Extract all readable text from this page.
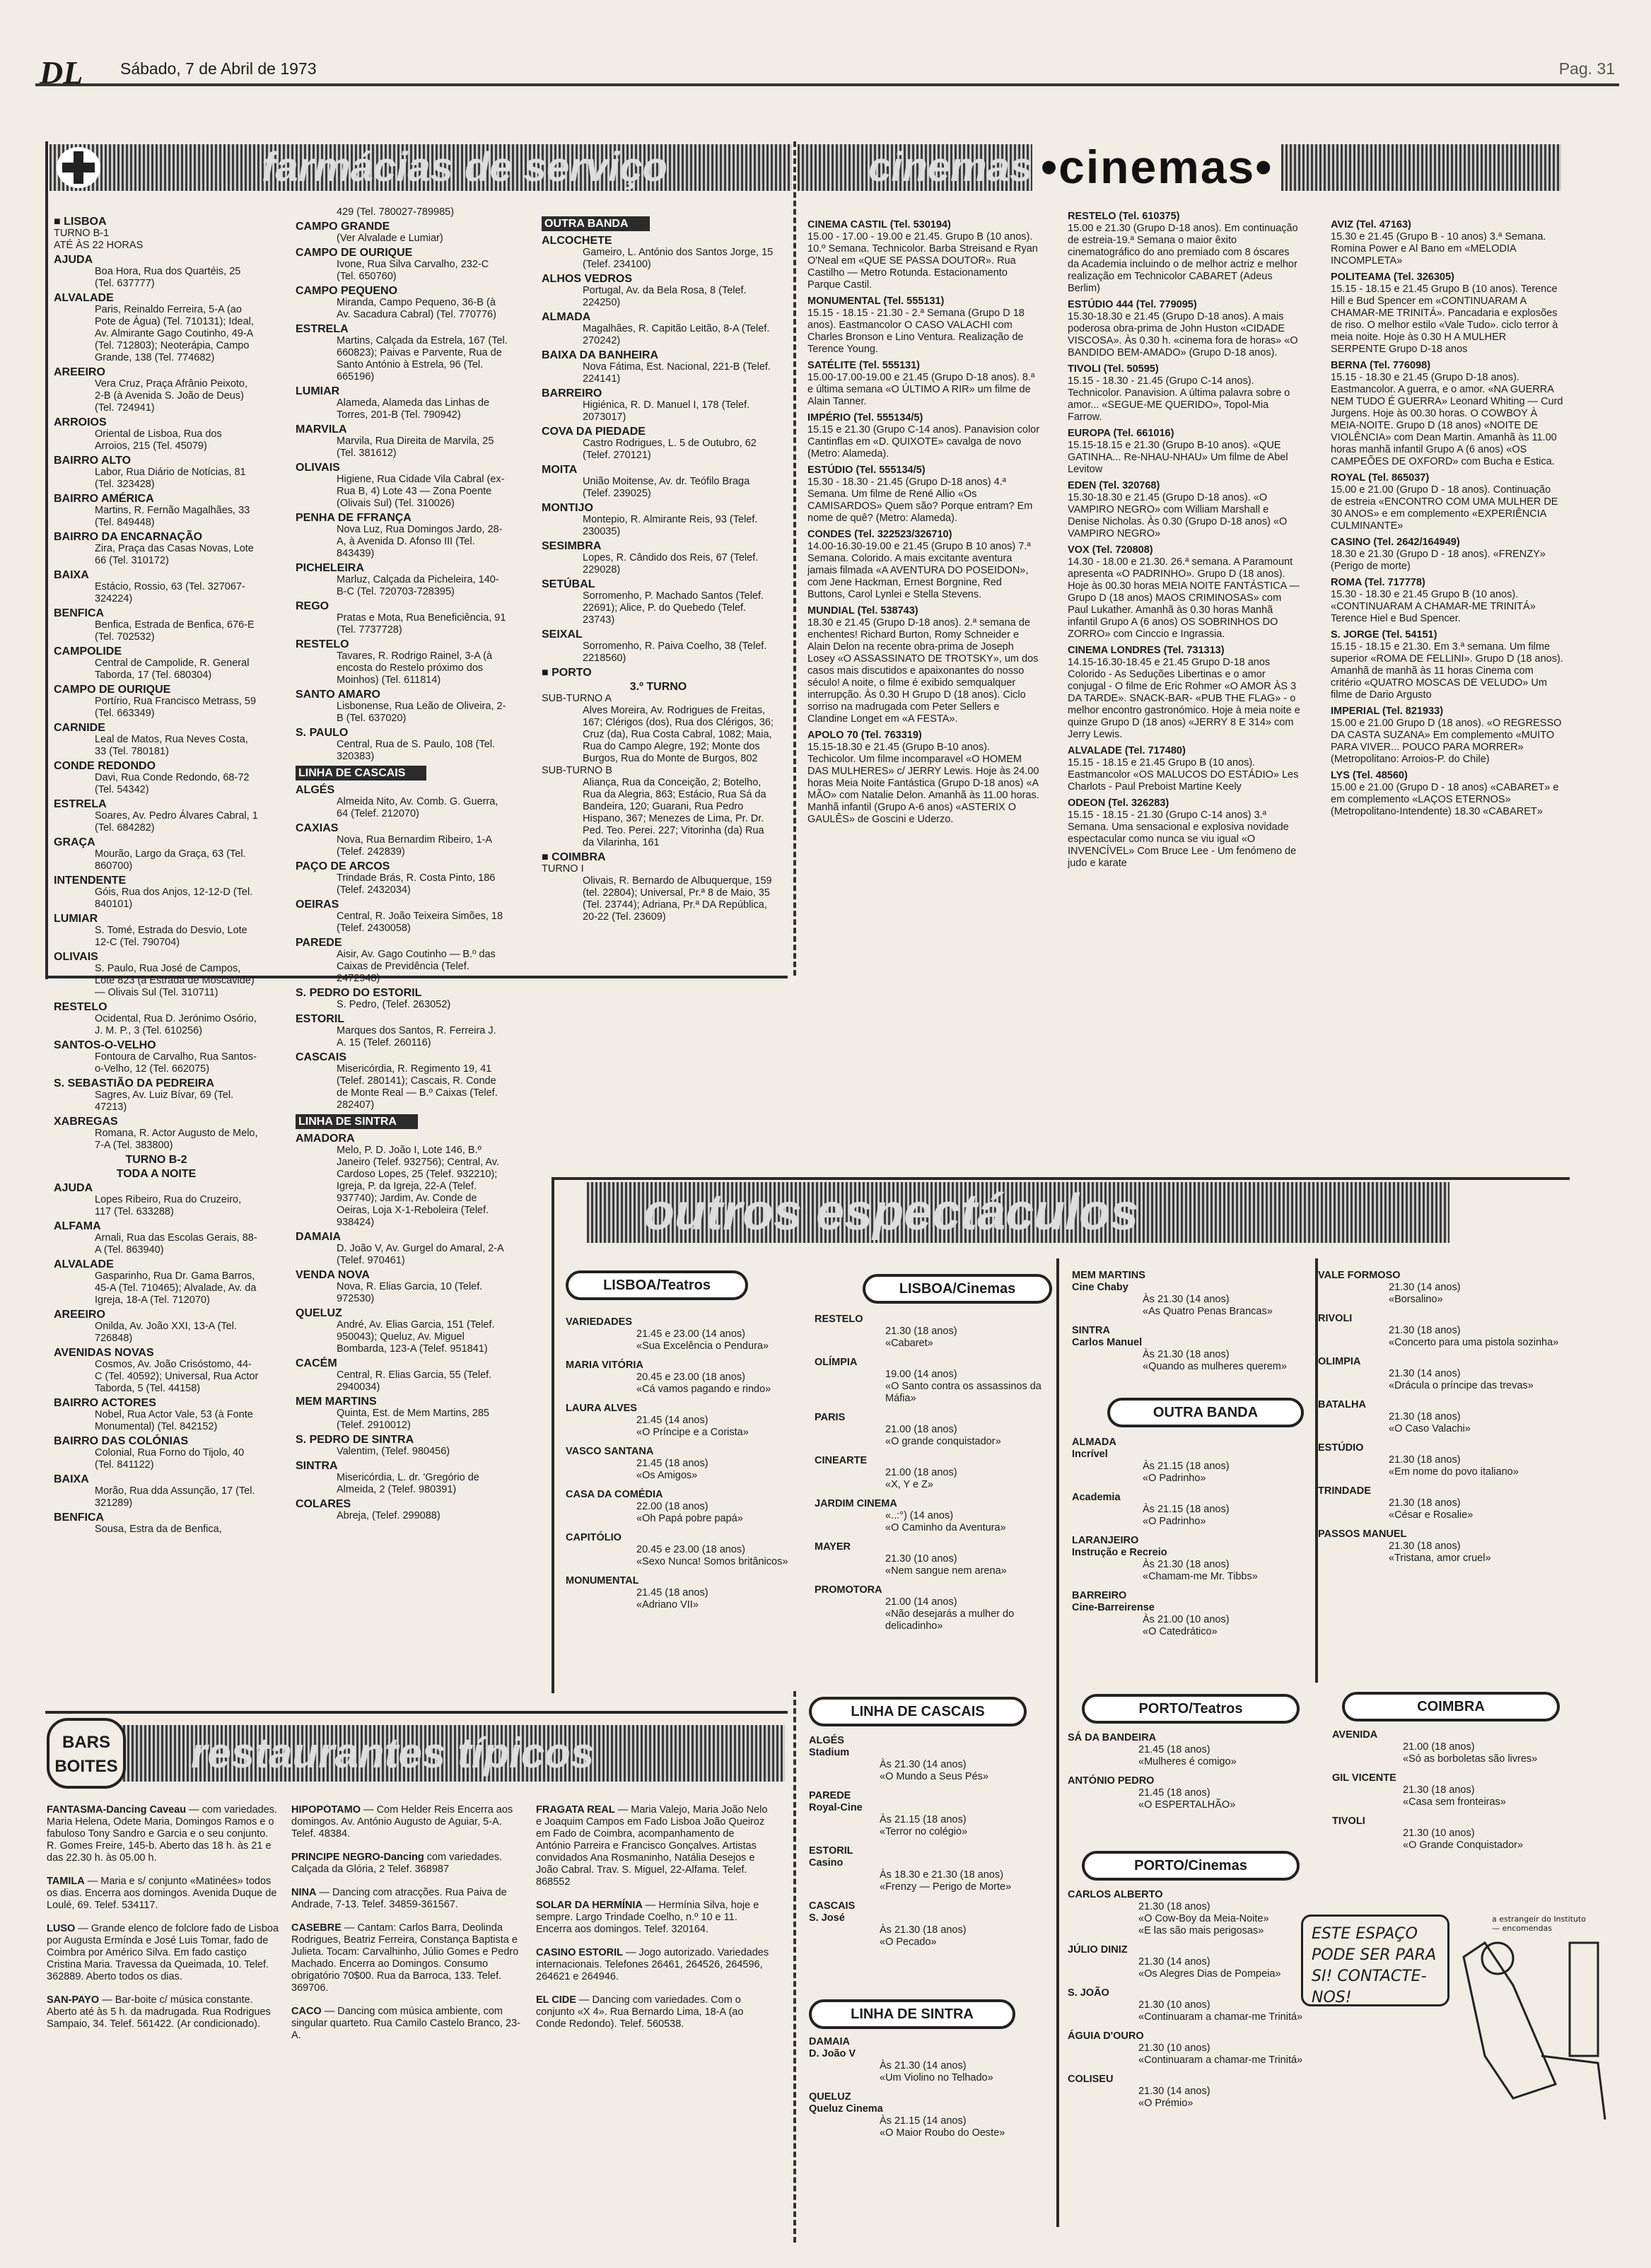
DL Sábado, 7 de Abril de 1973	Pag. 31
farmácias de serviço	cinemas •cinemas•
■ LISBOA
TURNO B-1
ATÉ ÀS 22 HORAS
AJUDA
Boa Hora, Rua dos Quartéis, 25 (Tel. 637777)
ALVALADE
Paris, Reinaldo Ferreira, 5-A (ao Pote de Água) (Tel. 710131); Ideal, Av. Almirante Gago Coutinho, 49-A (Tel. 712803); Neoterápia, Campo Grande, 138 (Tel. 774682)
AREEIRO
Vera Cruz, Praça Afrânio Peixoto, 2-B (à Avenida S. João de Deus) (Tel. 724941)
ARROIOS
Oriental de Lisboa, Rua dos Arroios, 215 (Tel. 45079)
BAIRRO ALTO
Labor, Rua Diário de Notícias, 81 (Tel. 323428)
BAIRRO AMÉRICA
Martins, R. Fernão Magalhães, 33 (Tel. 849448)
BAIRRO DA ENCARNAÇÃO
Zira, Praça das Casas Novas, Lote 66 (Tel. 310172)
BAIXA
Estácio, Rossio, 63 (Tel. 327067-324224)
BENFICA
Benfica, Estrada de Benfica, 676-E (Tel. 702532)
CAMPOLIDE
Central de Campolide, R. General Taborda, 17 (Tel. 680304)
CAMPO DE OURIQUE
Portírio, Rua Francisco Metrass, 59 (Tel. 663349)
CARNIDE
Leal de Matos, Rua Neves Costa, 33 (Tel. 780181)
CONDE REDONDO
Davi, Rua Conde Redondo, 68-72 (Tel. 54342)
ESTRELA
Soares, Av. Pedro Álvares Cabral, 1 (Tel. 684282)
GRAÇA
Mourão, Largo da Graça, 63 (Tel. 860700)
INTENDENTE
Góis, Rua dos Anjos, 12-12-D (Tel. 840101)
LUMIAR
S. Tomé, Estrada do Desvio, Lote 12-C (Tel. 790704)
OLIVAIS
S. Paulo, Rua José de Campos, Lote 823 (à Estrada de Moscavide) — Olivais Sul (Tel. 310711)
RESTELO
Ocidental, Rua D. Jerónimo Osório, J. M. P., 3 (Tel. 610256)
SANTOS-O-VELHO
Fontoura de Carvalho, Rua Santos-o-Velho, 12 (Tel. 662075)
S. SEBASTIÃO DA PEDREIRA
Sagres, Av. Luiz Bívar, 69 (Tel. 47213)
XABREGAS
Romana, R. Actor Augusto de Melo, 7-A (Tel. 383800)
TURNO B-2
TODA A NOITE
AJUDA
Lopes Ribeiro, Rua do Cruzeiro, 117 (Tel. 633288)
ALFAMA
Arnali, Rua das Escolas Gerais, 88-A (Tel. 863940)
ALVALADE
Gasparinho, Rua Dr. Gama Barros, 45-A (Tel. 710465); Alvalade, Av. da Igreja, 18-A (Tel. 712070)
AREEIRO
Onilda, Av. João XXI, 13-A (Tel. 726848)
AVENIDAS NOVAS
Cosmos, Av. João Crisóstomo, 44-C (Tel. 40592); Universal, Rua Actor Taborda, 5 (Tel. 44158)
BAIRRO ACTORES
Nobel, Rua Actor Vale, 53 (à Fonte Monumental) (Tel. 842152)
BAIRRO DAS COLÓNIAS
Colonial, Rua Forno do Tijolo, 40 (Tel. 841122)
BAIXA
Morão, Rua dda Assunção, 17 (Tel. 321289)
BENFICA
Sousa, Estra da de Benfica,
429 (Tel. 780027-789985)
CAMPO GRANDE
(Ver Alvalade e Lumiar)
CAMPO DE OURIQUE
Ivone, Rua Silva Carvalho, 232-C (Tel. 650760)
CAMPO PEQUENO
Miranda, Campo Pequeno, 36-B (à Av. Sacadura Cabral) (Tel. 770776)
ESTRELA
Martins, Calçada da Estrela, 167 (Tel. 660823); Paivas e Parvente, Rua de Santo António à Estrela, 96 (Tel. 665196)
LUMIAR
Alameda, Alameda das Linhas de Torres, 201-B (Tel. 790942)
MARVILA
Marvila, Rua Direita de Marvila, 25 (Tel. 381612)
OLIVAIS
Higiene, Rua Cidade Vila Cabral (ex-Rua B, 4) Lote 43 — Zona Poente (Olivais Sul) (Tel. 310026)
PENHA DE FFRANÇA
Nova Luz, Rua Domingos Jardo, 28-A, à Avenida D. Afonso III (Tel. 843439)
PICHELEIRA
Marluz, Calçada da Picheleira, 140-B-C (Tel. 720703-728395)
REGO
Pratas e Mota, Rua Beneficiência, 91 (Tel. 7737728)
RESTELO
Tavares, R. Rodrigo Rainel, 3-A (à encosta do Restelo próximo dos Moinhos) (Tel. 611814)
SANTO AMARO
Lisbonense, Rua Leão de Oliveira, 2-B (Tel. 637020)
S. PAULO
Central, Rua de S. Paulo, 108 (Tel. 320383)
LINHA DE CASCAIS
ALGÉS
Almeida Nito, Av. Comb. G. Guerra, 64 (Telef. 212070)
CAXIAS
Nova, Rua Bernardim Ribeiro, 1-A (Telef. 242839)
PAÇO DE ARCOS
Trindade Brás, R. Costa Pinto, 186 (Telef. 2432034)
OEIRAS
Central, R. João Teixeira Simões, 18 (Telef. 2430058)
PAREDE
Aisir, Av. Gago Coutinho — B.º das Caixas de Previdência (Telef. 2472948)
S. PEDRO DO ESTORIL
S. Pedro, (Telef. 263052)
ESTORIL
Marques dos Santos, R. Ferreira J. A. 15 (Telef. 260116)
CASCAIS
Misericórdia, R. Regimento 19, 41 (Telef. 280141); Cascais, R. Conde de Monte Real — B.º Caixas (Telef. 282407)
LINHA DE SINTRA
AMADORA
Melo, P. D. João I, Lote 146, B.º Janeiro (Telef. 932756); Central, Av. Cardoso Lopes, 25 (Telef. 932210); Igreja, P. da Igreja, 22-A (Telef. 937740); Jardim, Av. Conde de Oeiras, Loja X-1-Reboleira (Telef. 938424)
DAMAIA
D. João V, Av. Gurgel do Amaral, 2-A (Telef. 970461)
VENDA NOVA
Nova, R. Elias Garcia, 10 (Telef. 972530)
QUELUZ
André, Av. Elias Garcia, 151 (Telef. 950043); Queluz, Av. Miguel Bombarda, 123-A (Telef. 951841)
CACÉM
Central, R. Elias Garcia, 55 (Telef. 2940034)
MEM MARTINS
Quinta, Est. de Mem Martins, 285 (Telef. 2910012)
S. PEDRO DE SINTRA
Valentim, (Telef. 980456)
SINTRA
Misericórdia, L. dr. 'Gregório de Almeida, 2 (Telef. 980391)
COLARES
Abreja, (Telef. 299088)
OUTRA BANDA
ALCOCHETE
Gameiro, L. António dos Santos Jorge, 15 (Telef. 234100)
ALHOS VEDROS
Portugal, Av. da Bela Rosa, 8 (Telef. 224250)
ALMADA
Magalhães, R. Capitão Leitão, 8-A (Telef. 270242)
BAIXA DA BANHEIRA
Nova Fátima, Est. Nacional, 221-B (Telef. 224141)
BARREIRO
Higiénica, R. D. Manuel I, 178 (Telef. 2073017)
COVA DA PIEDADE
Castro Rodrigues, L. 5 de Outubro, 62 (Telef. 270121)
MOITA
União Moitense, Av. dr. Teófilo Braga (Telef. 239025)
MONTIJO
Montepio, R. Almirante Reis, 93 (Telef. 230035)
SESIMBRA
Lopes, R. Cândido dos Reis, 67 (Telef. 229028)
SETÚBAL
Sorromenho, P. Machado Santos (Telef. 22691); Alice, P. do Quebedo (Telef. 23743)
SEIXAL
Sorromenho, R. Paiva Coelho, 38 (Telef. 2218560)
■ PORTO
3.º TURNO
SUB-TURNO A
Alves Moreira, Av. Rodrigues de Freitas, 167; Clérigos (dos), Rua dos Clérigos, 36; Cruz (da), Rua Costa Cabral, 1082; Maia, Rua do Campo Alegre, 192; Monte dos Burgos, Rua do Monte de Burgos, 802
SUB-TURNO B
Aliança, Rua da Conceição, 2; Botelho, Rua da Alegria, 863; Estácio, Rua Sá da Bandeira, 120; Guarani, Rua Pedro Hispano, 367; Menezes de Lima, Pr. Dr. Ped. Teo. Perei. 227; Vitorinha (da) Rua da Vilarinha, 161
■ COIMBRA
TURNO I
Olivais, R. Bernardo de Albuquerque, 159 (tel. 22804); Universal, Pr.ª 8 de Maio, 35 (Tel. 23744); Adriana, Pr.ª DA República, 20-22 (Tel. 23609)
CINEMA CASTIL (Tel. 530194)
15.00 - 17.00 - 19.00 e 21.45. Grupo B (10 anos). 10.º Semana. Technicolor. Barba Streisand e Ryan O'Neal em «QUE SE PASSA DOUTOR». Rua Castilho — Metro Rotunda. Estacionamento Parque Castil.
MONUMENTAL (Tel. 555131)
15.15 - 18.15 - 21.30 - 2.ª Semana (Grupo D 18 anos). Eastmancolor O CASO VALACHI com Charles Bronson e Lino Ventura. Realização de Terence Young.
SATÉLITE (Tel. 555131)
15.00-17.00-19.00 e 21.45 (Grupo D-18 anos). 8.ª e última semana «O ÚLTIMO A RIR» um filme de Alain Tanner.
IMPÉRIO (Tel. 555134/5)
15.15 e 21.30 (Grupo C-14 anos). Panavision color Cantinflas em «D. QUIXOTE» cavalga de novo (Metro: Alameda).
ESTÚDIO (Tel. 555134/5)
15.30 - 18.30 - 21.45 (Grupo D-18 anos) 4.ª Semana. Um filme de René Allio «Os CAMISARDOS» Quem são? Porque entram? Em nome de quê? (Metro: Alameda).
CONDES (Tel. 322523/326710)
14.00-16.30-19.00 e 21.45 (Grupo B 10 anos) 7.ª Semana. Colorido. A mais excitante aventura jamais filmada «A AVENTURA DO POSEIDON», com Jene Hackman, Ernest Borgnine, Red Buttons, Carol Lynlei e Stella Stevens.
MUNDIAL (Tel. 538743)
18.30 e 21.45 (Grupo D-18 anos). 2.ª semana de enchentes! Richard Burton, Romy Schneider e Alain Delon na recente obra-prima de Joseph Losey «O ASSASSINATO DE TROTSKY», um dos casos mais discutidos e apaixonantes do nosso século! A noite, o filme é exibido semqualquer interrupção. Às 0.30 H Grupo D (18 anos). Ciclo sorriso na madrugada com Peter Sellers e Clandine Longet em «A FESTA».
APOLO 70 (Tel. 763319)
15.15-18.30 e 21.45 (Grupo B-10 anos). Techicolor. Um filme incomparavel «O HOMEM DAS MULHERES» c/ JERRY Lewis. Hoje às 24.00 horas Meia Noite Fantástica (Grupo D-18 anos) «A MÃO» com Natalie Delon. Amanhã às 11.00 horas. Manhã infantil (Grupo A-6 anos) «ASTERIX O GAULÊS» de Goscini e Uderzo.
RESTELO (Tel. 610375)
15.00 e 21.30 (Grupo D-18 anos). Em continuação de estreia-19.ª Semana o maior êxito cinematográfico do ano premiado com 8 óscares da Academia incluindo o de melhor actriz e melhor realização em Technicolor CABARET (Adeus Berlim)
ESTÚDIO 444 (Tel. 779095)
15.30-18.30 e 21.45 (Grupo D-18 anos). A mais poderosa obra-prima de John Huston «CIDADE VISCOSA». Às 0.30 h. «cinema fora de horas» «O BANDIDO BEM-AMADO» (Grupo D-18 anos).
TIVOLI (Tel. 50595)
15.15 - 18.30 - 21.45 (Grupo C-14 anos). Technicolor. Panavision. A última palavra sobre o amor... «SEGUE-ME QUERIDO», Topol-Mia Farrow.
EUROPA (Tel. 661016)
15.15-18.15 e 21.30 (Grupo B-10 anos). «QUE GATINHA... Re-NHAU-NHAU» Um filme de Abel Levitow
EDEN (Tel. 320768)
15.30-18.30 e 21.45 (Grupo D-18 anos). «O VAMPIRO NEGRO» com William Marshall e Denise Nicholas. Às 0.30 (Grupo D-18 anos) «O VAMPIRO NEGRO»
VOX (Tel. 720808)
14.30 - 18.00 e 21.30. 26.ª semana. A Paramount apresenta «O PADRINHO». Grupo D (18 anos). Hoje às 00.30 horas MEIA NOITE FANTÁSTICA — Grupo D (18 anos) MAOS CRIMINOSAS» com Paul Lukather. Amanhã às 0.30 horas Manhã infantil Grupo A (6 anos) OS SOBRINHOS DO ZORRO» com Cinccio e Ingrassia.
CINEMA LONDRES (Tel. 731313)
14.15-16.30-18.45 e 21.45 Grupo D-18 anos Colorido - As Seduções Libertinas e o amor conjugal - O filme de Eric Rohmer «O AMOR ÀS 3 DA TARDE». SNACK-BAR- «PUB THE FLAG» - o melhor encontro gastronómico. Hoje à meia noite e quinze Grupo D (18 anos) «JERRY 8 E 314» com Jerry Lewis.
ALVALADE (Tel. 717480)
15.15 - 18.15 e 21.45 Grupo B (10 anos). Eastmancolor «OS MALUCOS DO ESTÁDIO» Les Charlots - Paul Preboist Martine Keely
ODEON (Tel. 326283)
15.15 - 18.15 - 21.30 (Grupo C-14 anos) 3.ª Semana. Uma sensacional e explosiva novidade espectacular como nunca se viu igual «O INVENCÍVEL» Com Bruce Lee - Um fenómeno de judo e karate
AVIZ (Tel. 47163)
15.30 e 21.45 (Grupo B - 10 anos) 3.ª Semana. Romina Power e Al Bano em «MELODIA INCOMPLETA»
POLITEAMA (Tel. 326305)
15.15 - 18.15 e 21.45 Grupo B (10 anos). Terence Hill e Bud Spencer em «CONTINUARAM A CHAMAR-ME TRINITÁ». Pancadaria e explosões de riso. O melhor estilo «Vale Tudo». ciclo terror à meia noite. Hoje às 0.30 H A MULHER SERPENTE Grupo D-18 anos
BERNA (Tel. 776098)
15.15 - 18.30 e 21.45 (Grupo D-18 anos). Eastmancolor. A guerra, e o amor. «NA GUERRA NEM TUDO É GUERRA» Leonard Whiting — Curd Jurgens. Hoje às 00.30 horas. O COWBOY À MEIA-NOITE. Grupo D (18 anos) «NOITE DE VIOLÊNCIA» com Dean Martin. Amanhã às 11.00 horas manhã infantil Grupo A (6 anos) «OS CAMPEÕES DE OXFORD» com Bucha e Estica.
ROYAL (Tel. 865037)
15.00 e 21.00 (Grupo D - 18 anos). Continuação de estreia «ENCONTRO COM UMA MULHER DE 30 ANOS» e em complemento «EXPERIÊNCIA CULMINANTE»
CASINO (Tel. 2642/164949)
18.30 e 21.30 (Grupo D - 18 anos). «FRENZY» (Perigo de morte)
ROMA (Tel. 717778)
15.30 - 18.30 e 21.45 Grupo B (10 anos). «CONTINUARAM A CHAMAR-ME TRINITÁ» Terence Hiel e Bud Spencer.
S. JORGE (Tel. 54151)
15.15 - 18.15 e 21.30. Em 3.ª semana. Um filme superior «ROMA DE FELLINI». Grupo D (18 anos). Amanhã de manhã às 11 horas Cinema com critério «QUATRO MOSCAS DE VELUDO» Um filme de Dario Argusto
IMPERIAL (Tel. 821933)
15.00 e 21.00 Grupo D (18 anos). «O REGRESSO DA CASTA SUZANA» Em complemento «MUITO PARA VIVER... POUCO PARA MORRER» (Metropolitano: Arroios-P. do Chile)
LYS (Tel. 48560)
15.00 e 21.00 (Grupo D - 18 anos) «CABARET» e em complemento «LAÇOS ETERNOS» (Metropolitano-Intendente) 18.30 «CABARET»
outros espectáculos
LISBOA/Teatros	LISBOA/Cinemas
OUTRA BANDA
LINHA DE CASCAIS
LINHA DE SINTRA
PORTO/Teatros
PORTO/Cinemas
COIMBRA
VARIEDADES
21.45 e 23.00 (14 anos)
«Sua Excelência o Pendura»
MARIA VITÓRIA
20.45 e 23.00 (18 anos)
«Cá vamos pagando e rindo»
LAURA ALVES
21.45 (14 anos)
«O Príncipe e a Corista»
VASCO SANTANA
21.45 (18 anos)
«Os Amigos»
CASA DA COMÉDIA
22.00 (18 anos)
«Oh Papá pobre papá»
CAPITÓLIO
20.45 e 23.00 (18 anos)
«Sexo Nunca! Somos britânicos»
MONUMENTAL
21.45 (18 anos)
«Adriano VII»
RESTELO
21.30 (18 anos)
«Cabaret»
OLÍMPIA
19.00 (14 anos)
«O Santo contra os assassinos da Máfia»
PARIS
21.00 (18 anos)
«O grande conquistador»
CINEARTE
21.00 (18 anos)
«X, Y e Z»
JARDIM CINEMA
«..:°) (14 anos)
«O Caminho da Aventura»
MAYER
21.30 (10 anos)
«Nem sangue nem arena»
PROMOTORA
21.00 (14 anos)
«Não desejarás a mulher do delicadinho»
MEM MARTINS
Cine Chaby
Às 21.30 (14 anos)
«As Quatro Penas Brancas»
SINTRA
Carlos Manuel
Às 21.30 (18 anos)
«Quando as mulheres querem»
ALMADA
Incrível
Às 21.15 (18 anos)
«O Padrinho»
Academia
Às 21.15 (18 anos)
«O Padrinho»
LARANJEIRO
Instrução e Recreio
Às 21.30 (18 anos)
«Chamam-me Mr. Tibbs»
BARREIRO
Cine-Barreirense
Às 21.00 (10 anos)
«O Catedrático»
VALE FORMOSO
21.30 (14 anos)
«Borsalino»
RIVOLI
21.30 (18 anos)
«Concerto para uma pistola sozinha»
OLIMPIA
21.30 (14 anos)
«Drácula o príncipe das trevas»
BATALHA
21.30 (18 anos)
«O Caso Valachi»
ESTÚDIO
21.30 (18 anos)
«Em nome do povo italiano»
TRINDADE
21.30 (18 anos)
«César e Rosalie»
PASSOS MANUEL
21.30 (18 anos)
«Tristana, amor cruel»
ALGÉS
Stadium
Às 21.30 (14 anos)
«O Mundo a Seus Pés»
PAREDE
Royal-Cine
Às 21.15 (18 anos)
«Terror no colégio»
ESTORIL
Casino
Às 18.30 e 21.30 (18 anos)
«Frenzy — Perigo de Morte»
CASCAIS
S. José
Às 21.30 (18 anos)
«O Pecado»
DAMAIA
D. João V
Às 21.30 (14 anos)
«Um Violino no Telhado»
QUELUZ
Queluz Cinema
Às 21.15 (14 anos)
«O Maior Roubo do Oeste»
SÁ DA BANDEIRA
21.45 (18 anos)
«Mulheres é comigo»
ANTÓNIO PEDRO
21.45 (18 anos)
«O ESPERTALHÃO»
CARLOS ALBERTO
21.30 (18 anos)
«O Cow-Boy da Meia-Noite»
«E las são mais perigosas»
JÚLIO DINIZ
21.30 (14 anos)
«Os Alegres Dias de Pompeia»
S. JOÃO
21.30 (10 anos)
«Continuaram a chamar-me Trinitá»
ÁGUIA D'OURO
21.30 (10 anos)
«Continuaram a chamar-me Trinitá»
COLISEU
21.30 (14 anos)
«O Prémio»
AVENIDA
21.00 (18 anos)
«Só as borboletas são livres»
GIL VICENTE
21.30 (18 anos)
«Casa sem fronteiras»
TIVOLI
21.30 (10 anos)
«O Grande Conquistador»
ESTE ESPAÇO PODE SER PARA SI! CONTACTE-NOS!
a estrangeir do Instituto — encomendas
restaurantes típicos
BARS
BOITES
FANTASMA-Dancing Caveau — com variedades. Maria Helena, Odete Maria, Domingos Ramos e o fabuloso Tony Sandro e Garcia e o seu conjunto. R. Gomes Freire, 145-b. Aberto das 18 h. às 21 e das 22.30 h. às 05.00 h.
TAMILA — Maria e s/ conjunto «Matinées» todos os dias. Encerra aos domingos. Avenida Duque de Loulé, 69. Telef. 534117.
LUSO — Grande elenco de folclore fado de Lisboa por Augusta Ermínda e José Luis Tomar, fado de Coimbra por Américo Silva. Em fado castiço Cristina Maria. Travessa da Queimada, 10. Telef. 362889. Aberto todos os dias.
SAN-PAYO — Bar-boite c/ música constante. Aberto até às 5 h. da madrugada. Rua Rodrigues Sampaio, 34. Telef. 561422. (Ar condicionado).
HIPOPÓTAMO — Com Helder Reis Encerra aos domingos. Av. António Augusto de Aguiar, 5-A. Telef. 48384.
PRINCIPE NEGRO-Dancing com variedades. Calçada da Glória, 2 Telef. 368987
NINA — Dancing com atracções. Rua Paiva de Andrade, 7-13. Telef. 34859-361567.
CASEBRE — Cantam: Carlos Barra, Deolinda Rodrigues, Beatriz Ferreira, Constança Baptista e Julieta. Tocam: Carvalhinho, Júlio Gomes e Pedro Machado. Encerra ao Domingos. Consumo obrigatório 70$00. Rua da Barroca, 133. Telef. 369706.
CACO — Dancing com música ambiente, com singular quarteto. Rua Camilo Castelo Branco, 23-A.
FRAGATA REAL — Maria Valejo, Maria João Nelo e Joaquim Campos em Fado Lisboa João Queiroz em Fado de Coimbra, acompanhamento de António Parreira e Francisco Gonçalves. Artistas convidados Ana Rosmaninho, Natália Desejos e João Cabral. Trav. S. Miguel, 22-Alfama. Telef. 868552
SOLAR DA HERMÍNIA — Hermínia Silva, hoje e sempre. Largo Trindade Coelho, n.º 10 e 11. Encerra aos domingos. Telef. 320164.
CASINO ESTORIL — Jogo autorizado. Variedades internacionais. Telefones 26461, 264526, 264596, 264621 e 264946.
EL CIDE — Dancing com variedades. Com o conjunto «X 4». Rua Bernardo Lima, 18-A (ao Conde Redondo). Telef. 560538.
